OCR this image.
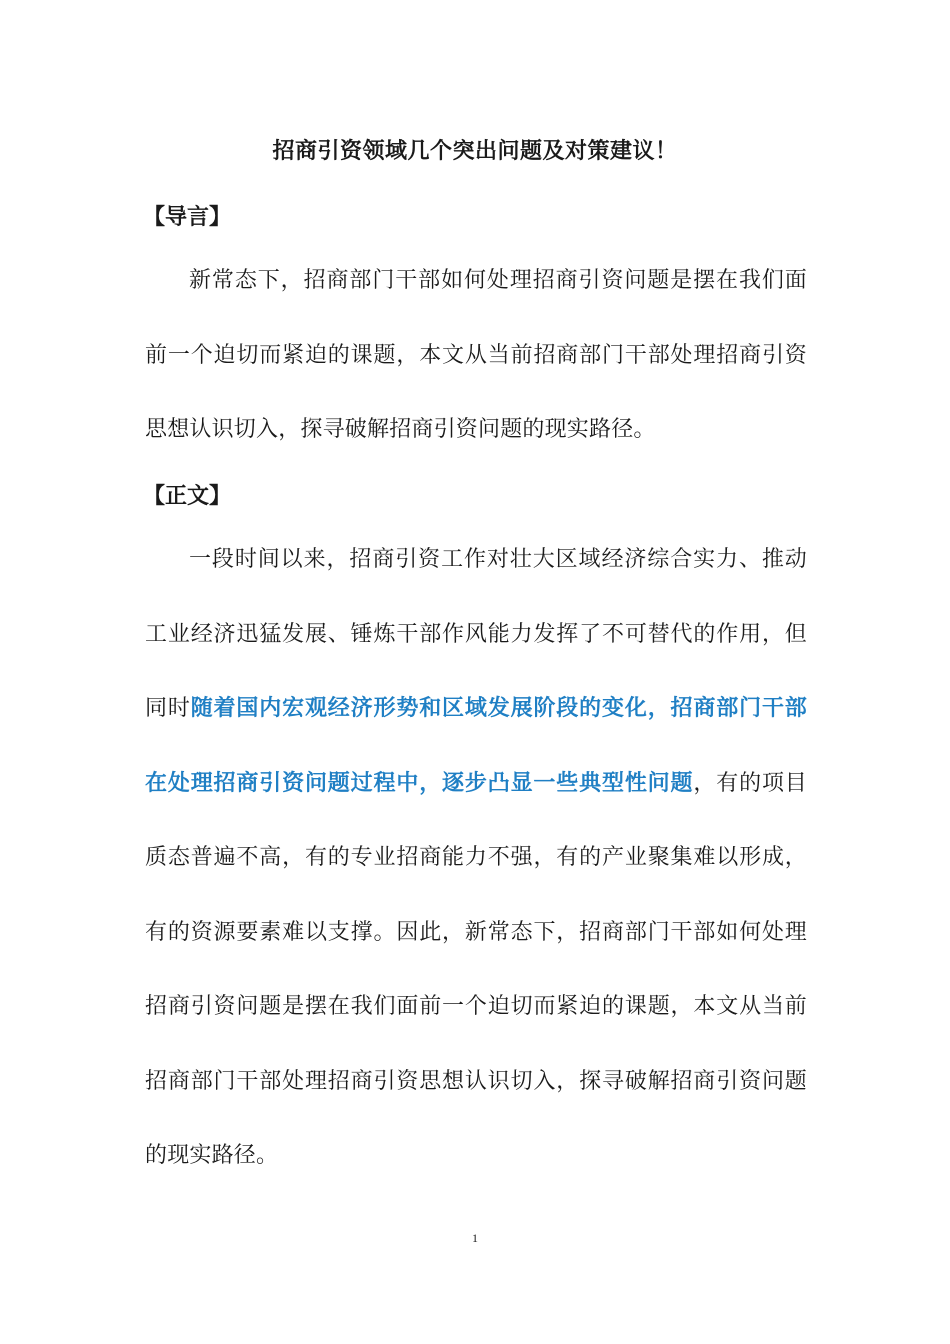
招商引资领域几个突出问题及对策建议！
【导言】
新常态下，招商部门干部如何处理招商引资问题是摆在我们面前一个迫切而紧迫的课题，本文从当前招商部门干部处理招商引资思想认识切入，探寻破解招商引资问题的现实路径。
【正文】
一段时间以来，招商引资工作对壮大区域经济综合实力、推动工业经济迅猛发展、锤炼干部作风能力发挥了不可替代的作用，但同时随着国内宏观经济形势和区域发展阶段的变化，招商部门干部在处理招商引资问题过程中，逐步凸显一些典型性问题，有的项目质态普遍不高，有的专业招商能力不强，有的产业聚集难以形成，有的资源要素难以支撑。因此，新常态下，招商部门干部如何处理招商引资问题是摆在我们面前一个迫切而紧迫的课题，本文从当前招商部门干部处理招商引资思想认识切入，探寻破解招商引资问题的现实路径。
1
